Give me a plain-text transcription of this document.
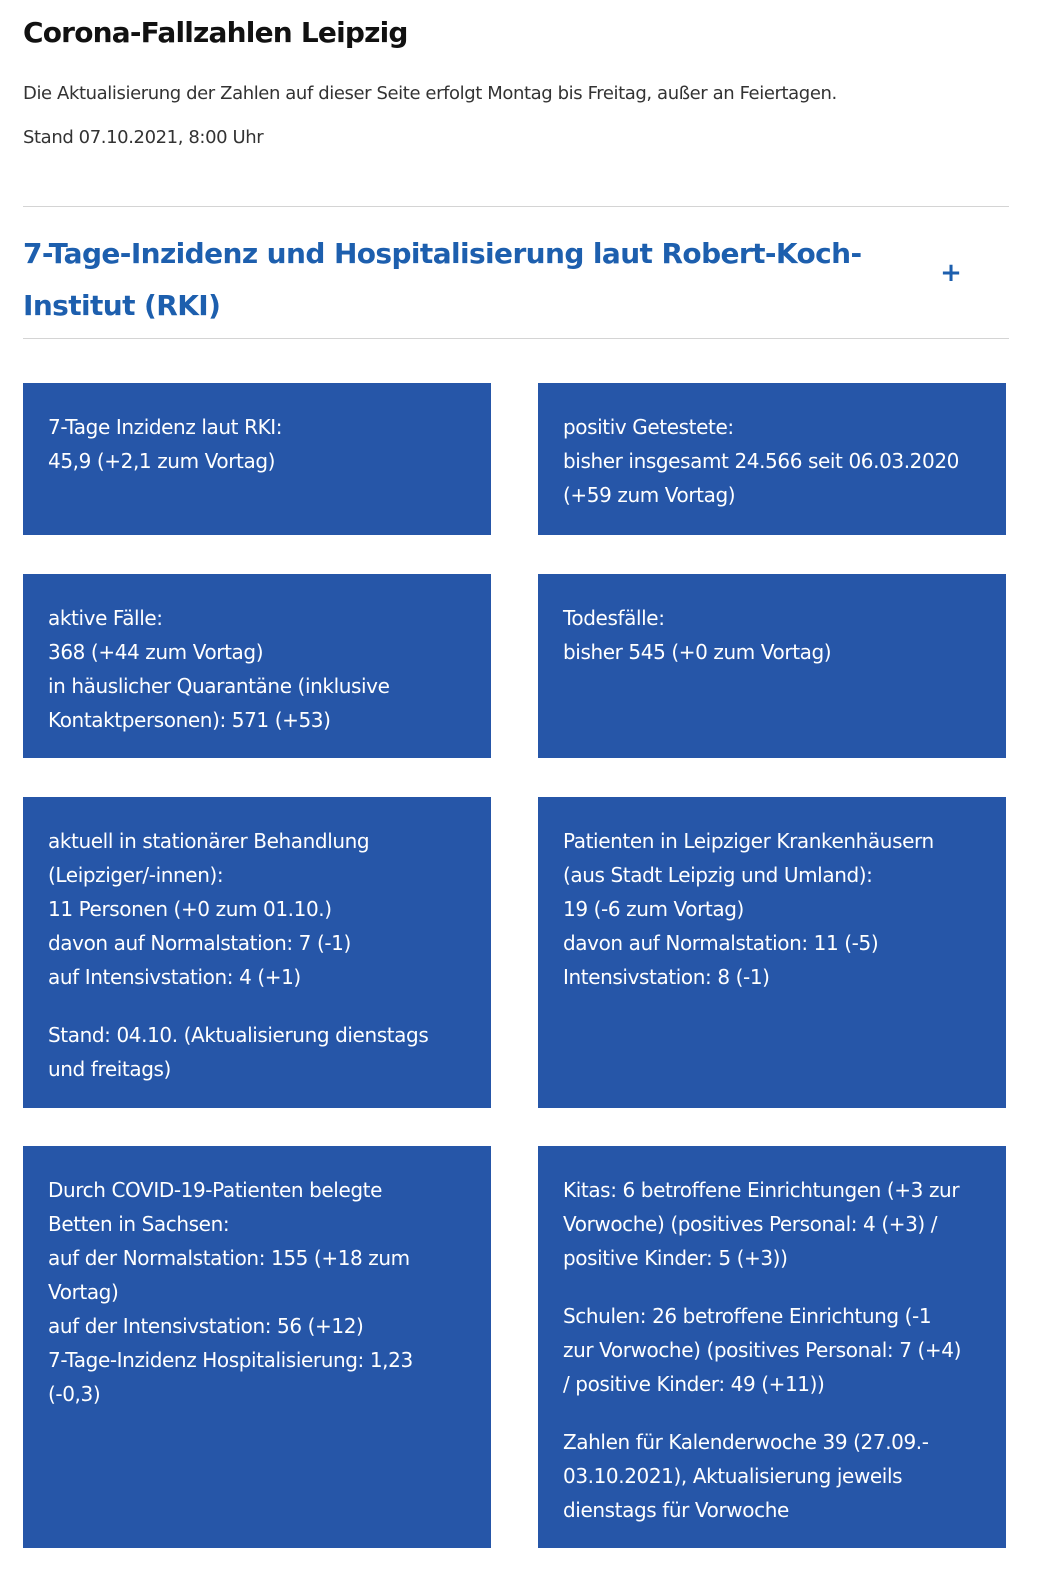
Corona-Fallzahlen Leipzig

Die Aktualisierung der Zahlen auf dieser Seite erfolgt Montag bis Freitag, außer an Feiertagen.

Stand 07.10.2021, 8:00 Uhr

7-Tage-Inzidenz und Hospitalisierung laut Robert-Koch-Institut (RKI)
+

7-Tage Inzidenz laut RKI:
45,9 (+2,1 zum Vortag)

positiv Getestete:
bisher insgesamt 24.566 seit 06.03.2020
(+59 zum Vortag)

aktive Fälle:
368 (+44 zum Vortag)
in häuslicher Quarantäne (inklusive
Kontaktpersonen): 571 (+53)

Todesfälle:
bisher 545 (+0 zum Vortag)

aktuell in stationärer Behandlung
(Leipziger/-innen):
11 Personen (+0 zum 01.10.)
davon auf Normalstation: 7 (-1)
auf Intensivstation: 4 (+1)

Stand: 04.10. (Aktualisierung dienstags
und freitags)

Patienten in Leipziger Krankenhäusern
(aus Stadt Leipzig und Umland):
19 (-6 zum Vortag)
davon auf Normalstation: 11 (-5)
Intensivstation: 8 (-1)

Durch COVID-19-Patienten belegte
Betten in Sachsen:
auf der Normalstation: 155 (+18 zum
Vortag)
auf der Intensivstation: 56 (+12)
7-Tage-Inzidenz Hospitalisierung: 1,23
(-0,3)

Kitas: 6 betroffene Einrichtungen (+3 zur
Vorwoche) (positives Personal: 4 (+3) /
positive Kinder: 5 (+3))

Schulen: 26 betroffene Einrichtung (-1
zur Vorwoche) (positives Personal: 7 (+4)
/ positive Kinder: 49 (+11))

Zahlen für Kalenderwoche 39 (27.09.-
03.10.2021), Aktualisierung jeweils
dienstags für Vorwoche
